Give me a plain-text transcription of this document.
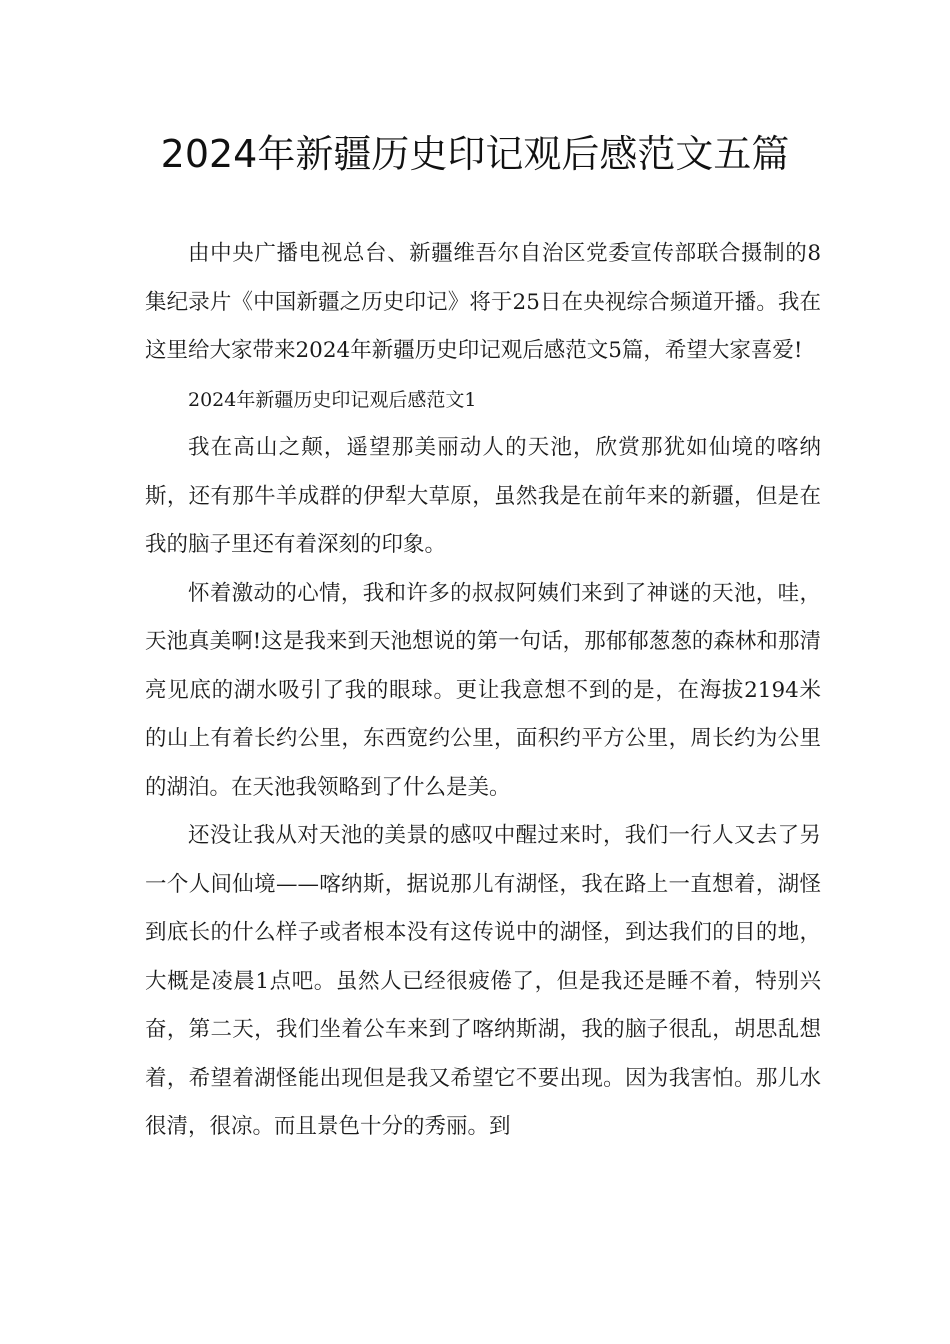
2024年新疆历史印记观后感范文五篇

由中央广播电视总台、新疆维吾尔自治区党委宣传部联合摄制的8集纪录片《中国新疆之历史印记》将于25日在央视综合频道开播。我在这里给大家带来2024年新疆历史印记观后感范文5篇，希望大家喜爱!

2024年新疆历史印记观后感范文1

我在高山之颠，遥望那美丽动人的天池，欣赏那犹如仙境的喀纳斯，还有那牛羊成群的伊犁大草原，虽然我是在前年来的新疆，但是在我的脑子里还有着深刻的印象。

怀着激动的心情，我和许多的叔叔阿姨们来到了神谜的天池，哇，天池真美啊!这是我来到天池想说的第一句话，那郁郁葱葱的森林和那清亮见底的湖水吸引了我的眼球。更让我意想不到的是，在海拔2194米的山上有着长约公里，东西宽约公里，面积约平方公里，周长约为公里的湖泊。在天池我领略到了什么是美。

还没让我从对天池的美景的感叹中醒过来时，我们一行人又去了另一个人间仙境——喀纳斯，据说那儿有湖怪，我在路上一直想着，湖怪到底长的什么样子或者根本没有这传说中的湖怪，到达我们的目的地，大概是凌晨1点吧。虽然人已经很疲倦了，但是我还是睡不着，特别兴奋，第二天，我们坐着公车来到了喀纳斯湖，我的脑子很乱，胡思乱想着，希望着湖怪能出现但是我又希望它不要出现。因为我害怕。那儿水很清，很凉。而且景色十分的秀丽。到
